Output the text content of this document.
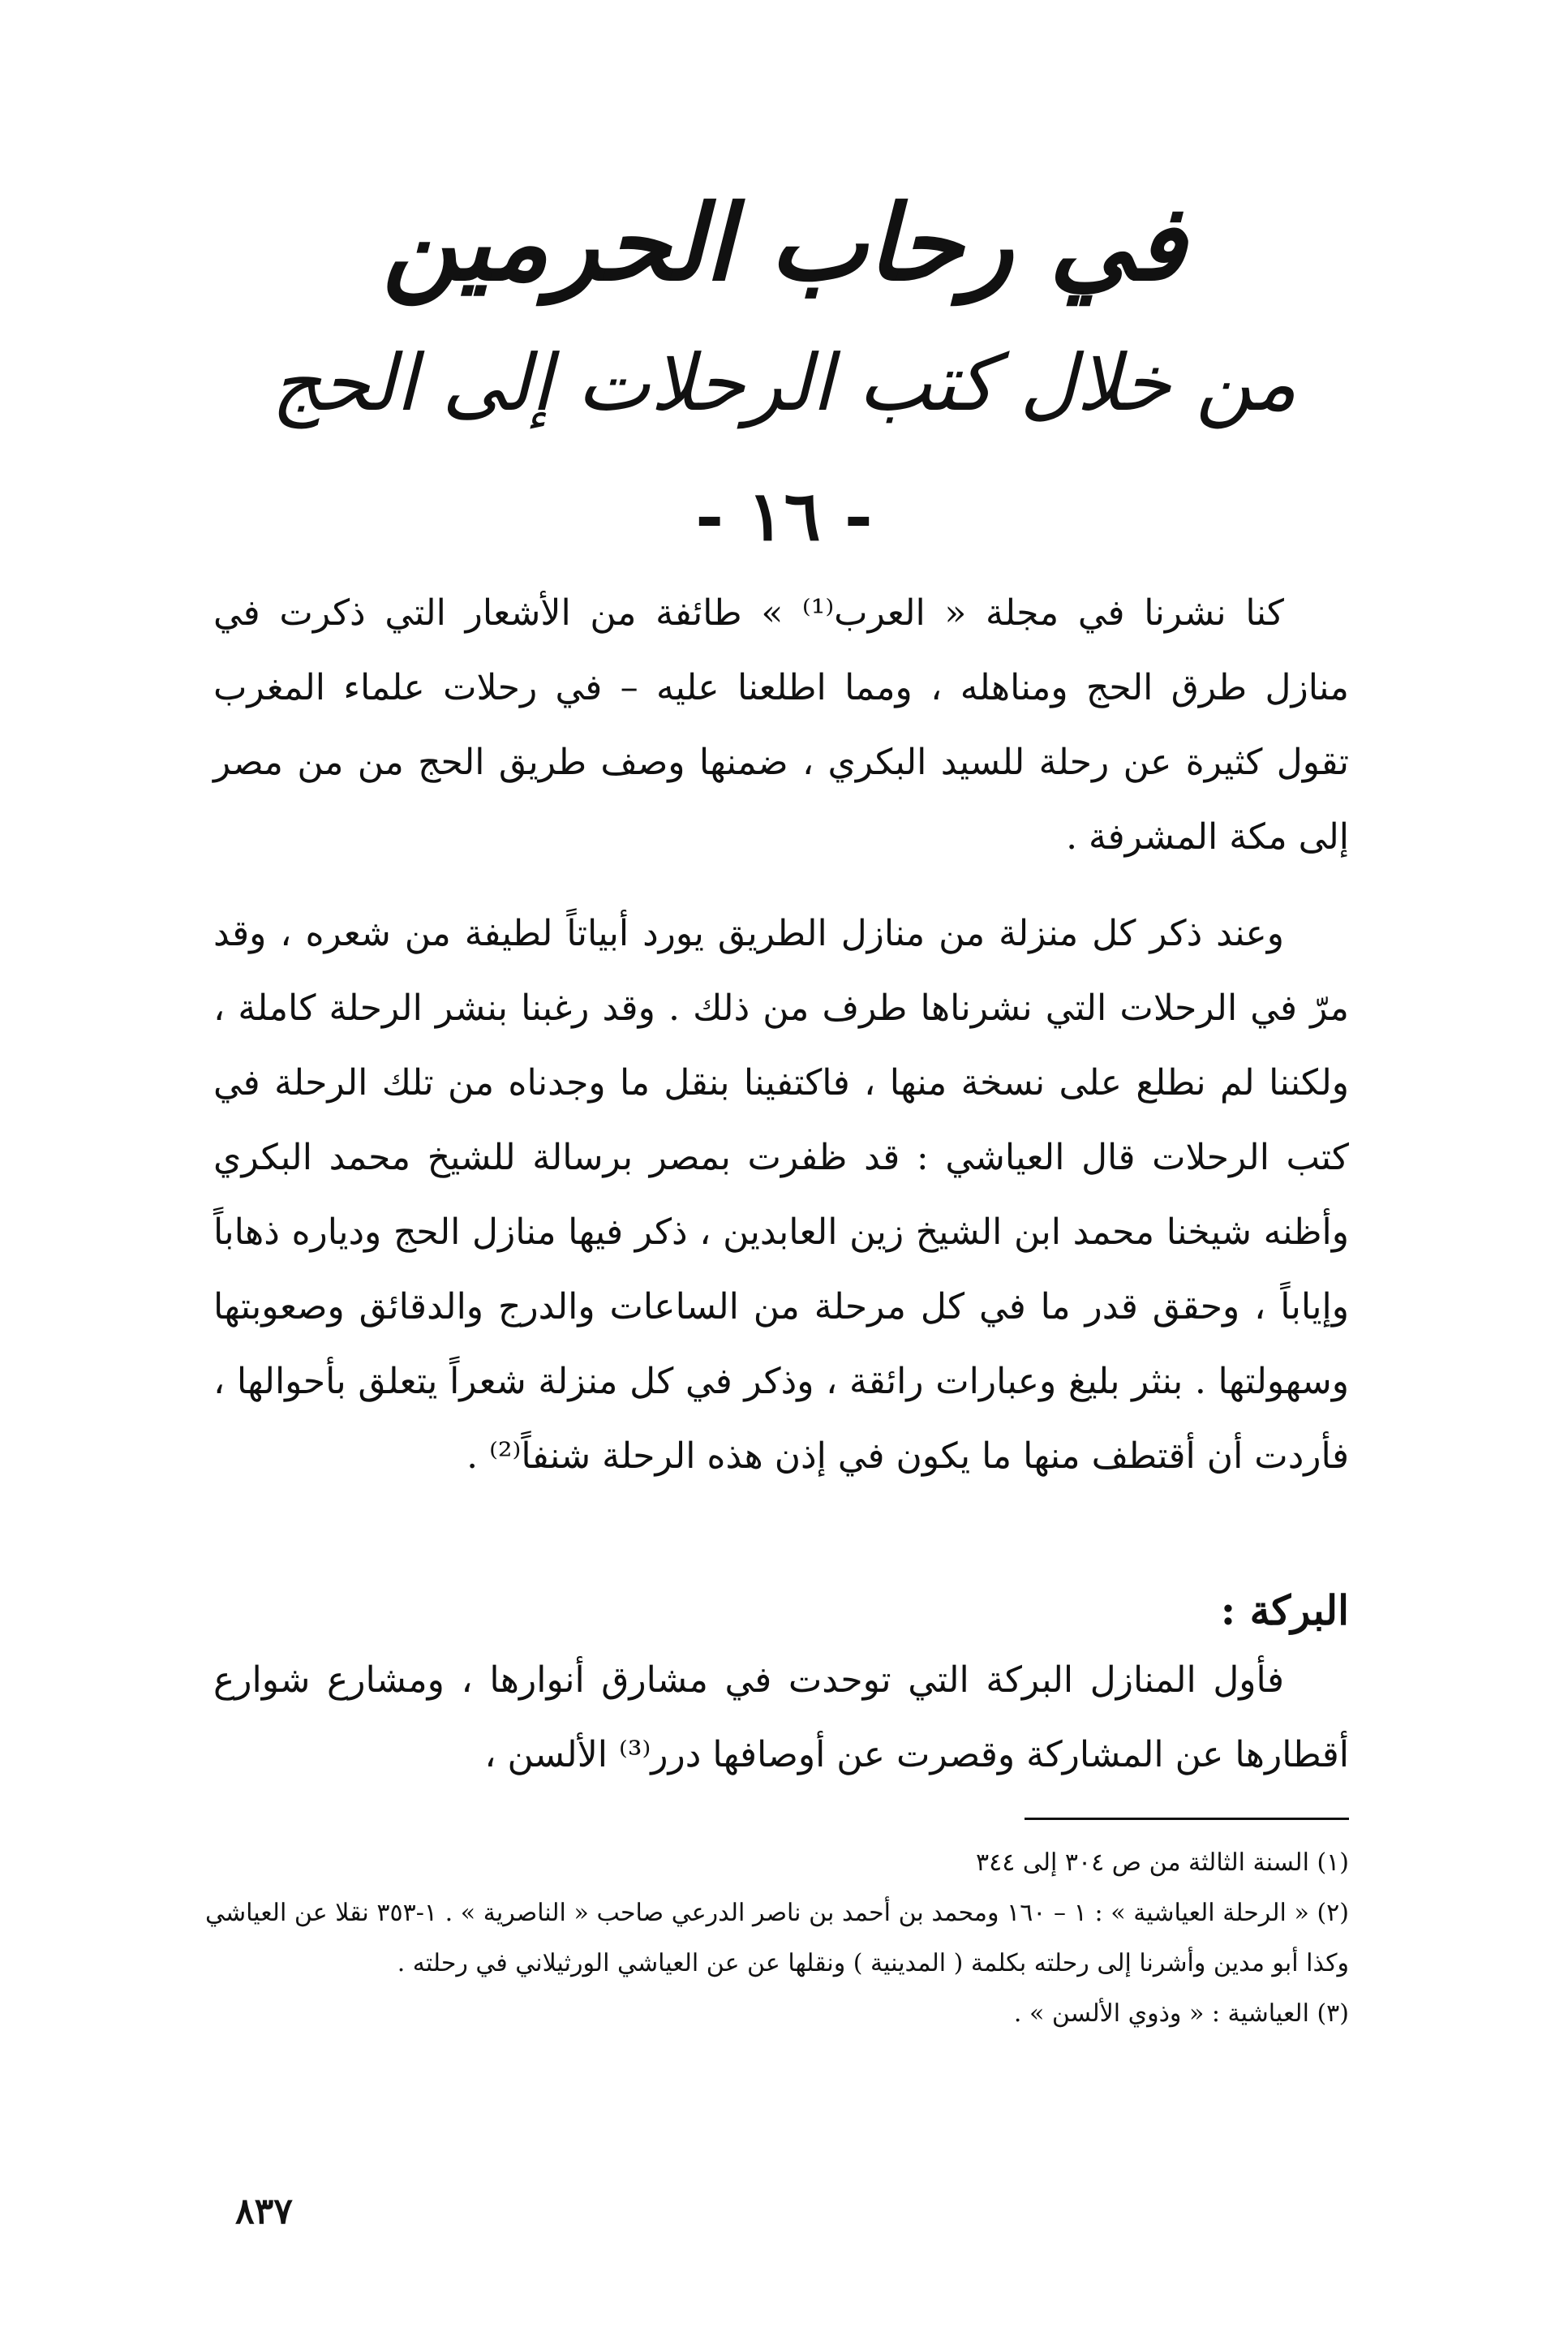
في رحاب الحرمين
من خلال كتب الرحلات إلى الحج
- ١٦ -

كنا نشرنا في مجلة « العرب⁽¹⁾ » طائفة من الأشعار التي ذكرت في منازل طرق الحج ومناهله ، ومما اطلعنا عليه – في رحلات علماء المغرب تقول كثيرة عن رحلة للسيد البكري ، ضمنها وصف طريق الحج من من مصر إلى مكة المشرفة .

وعند ذكر كل منزلة من منازل الطريق يورد أبياتاً لطيفة من شعره ، وقد مرّ في الرحلات التي نشرناها طرف من ذلك . وقد رغبنا بنشر الرحلة كاملة ، ولكننا لم نطلع على نسخة منها ، فاكتفينا بنقل ما وجدناه من تلك الرحلة في كتب الرحلات قال العياشي : قد ظفرت بمصر برسالة للشيخ محمد البكري وأظنه شيخنا محمد ابن الشيخ زين العابدين ، ذكر فيها منازل الحج ودياره ذهاباً وإياباً ، وحقق قدر ما في كل مرحلة من الساعات والدرج والدقائق وصعوبتها وسهولتها . بنثر بليغ وعبارات رائقة ، وذكر في كل منزلة شعراً يتعلق بأحوالها ، فأردت أن أقتطف منها ما يكون في إذن هذه الرحلة شنفاً⁽²⁾ .

البركة :

فأول المنازل البركة التي توحدت في مشارق أنوارها ، ومشارع شوارع أقطارها عن المشاركة وقصرت عن أوصافها درر⁽³⁾ الألسن ،

(١) السنة الثالثة من ص ٣٠٤ إلى ٣٤٤

(٢) « الرحلة العياشية » : ١ – ١٦٠ ومحمد بن أحمد بن ناصر الدرعي صاحب « الناصرية » . ١-٣٥٣ نقلا عن العياشي وكذا أبو مدين وأشرنا إلى رحلته بكلمة ( المدينية ) ونقلها عن عن العياشي الورثيلاني في رحلته .

(٣) العياشية : « وذوي الألسن » .

٨٣٧
